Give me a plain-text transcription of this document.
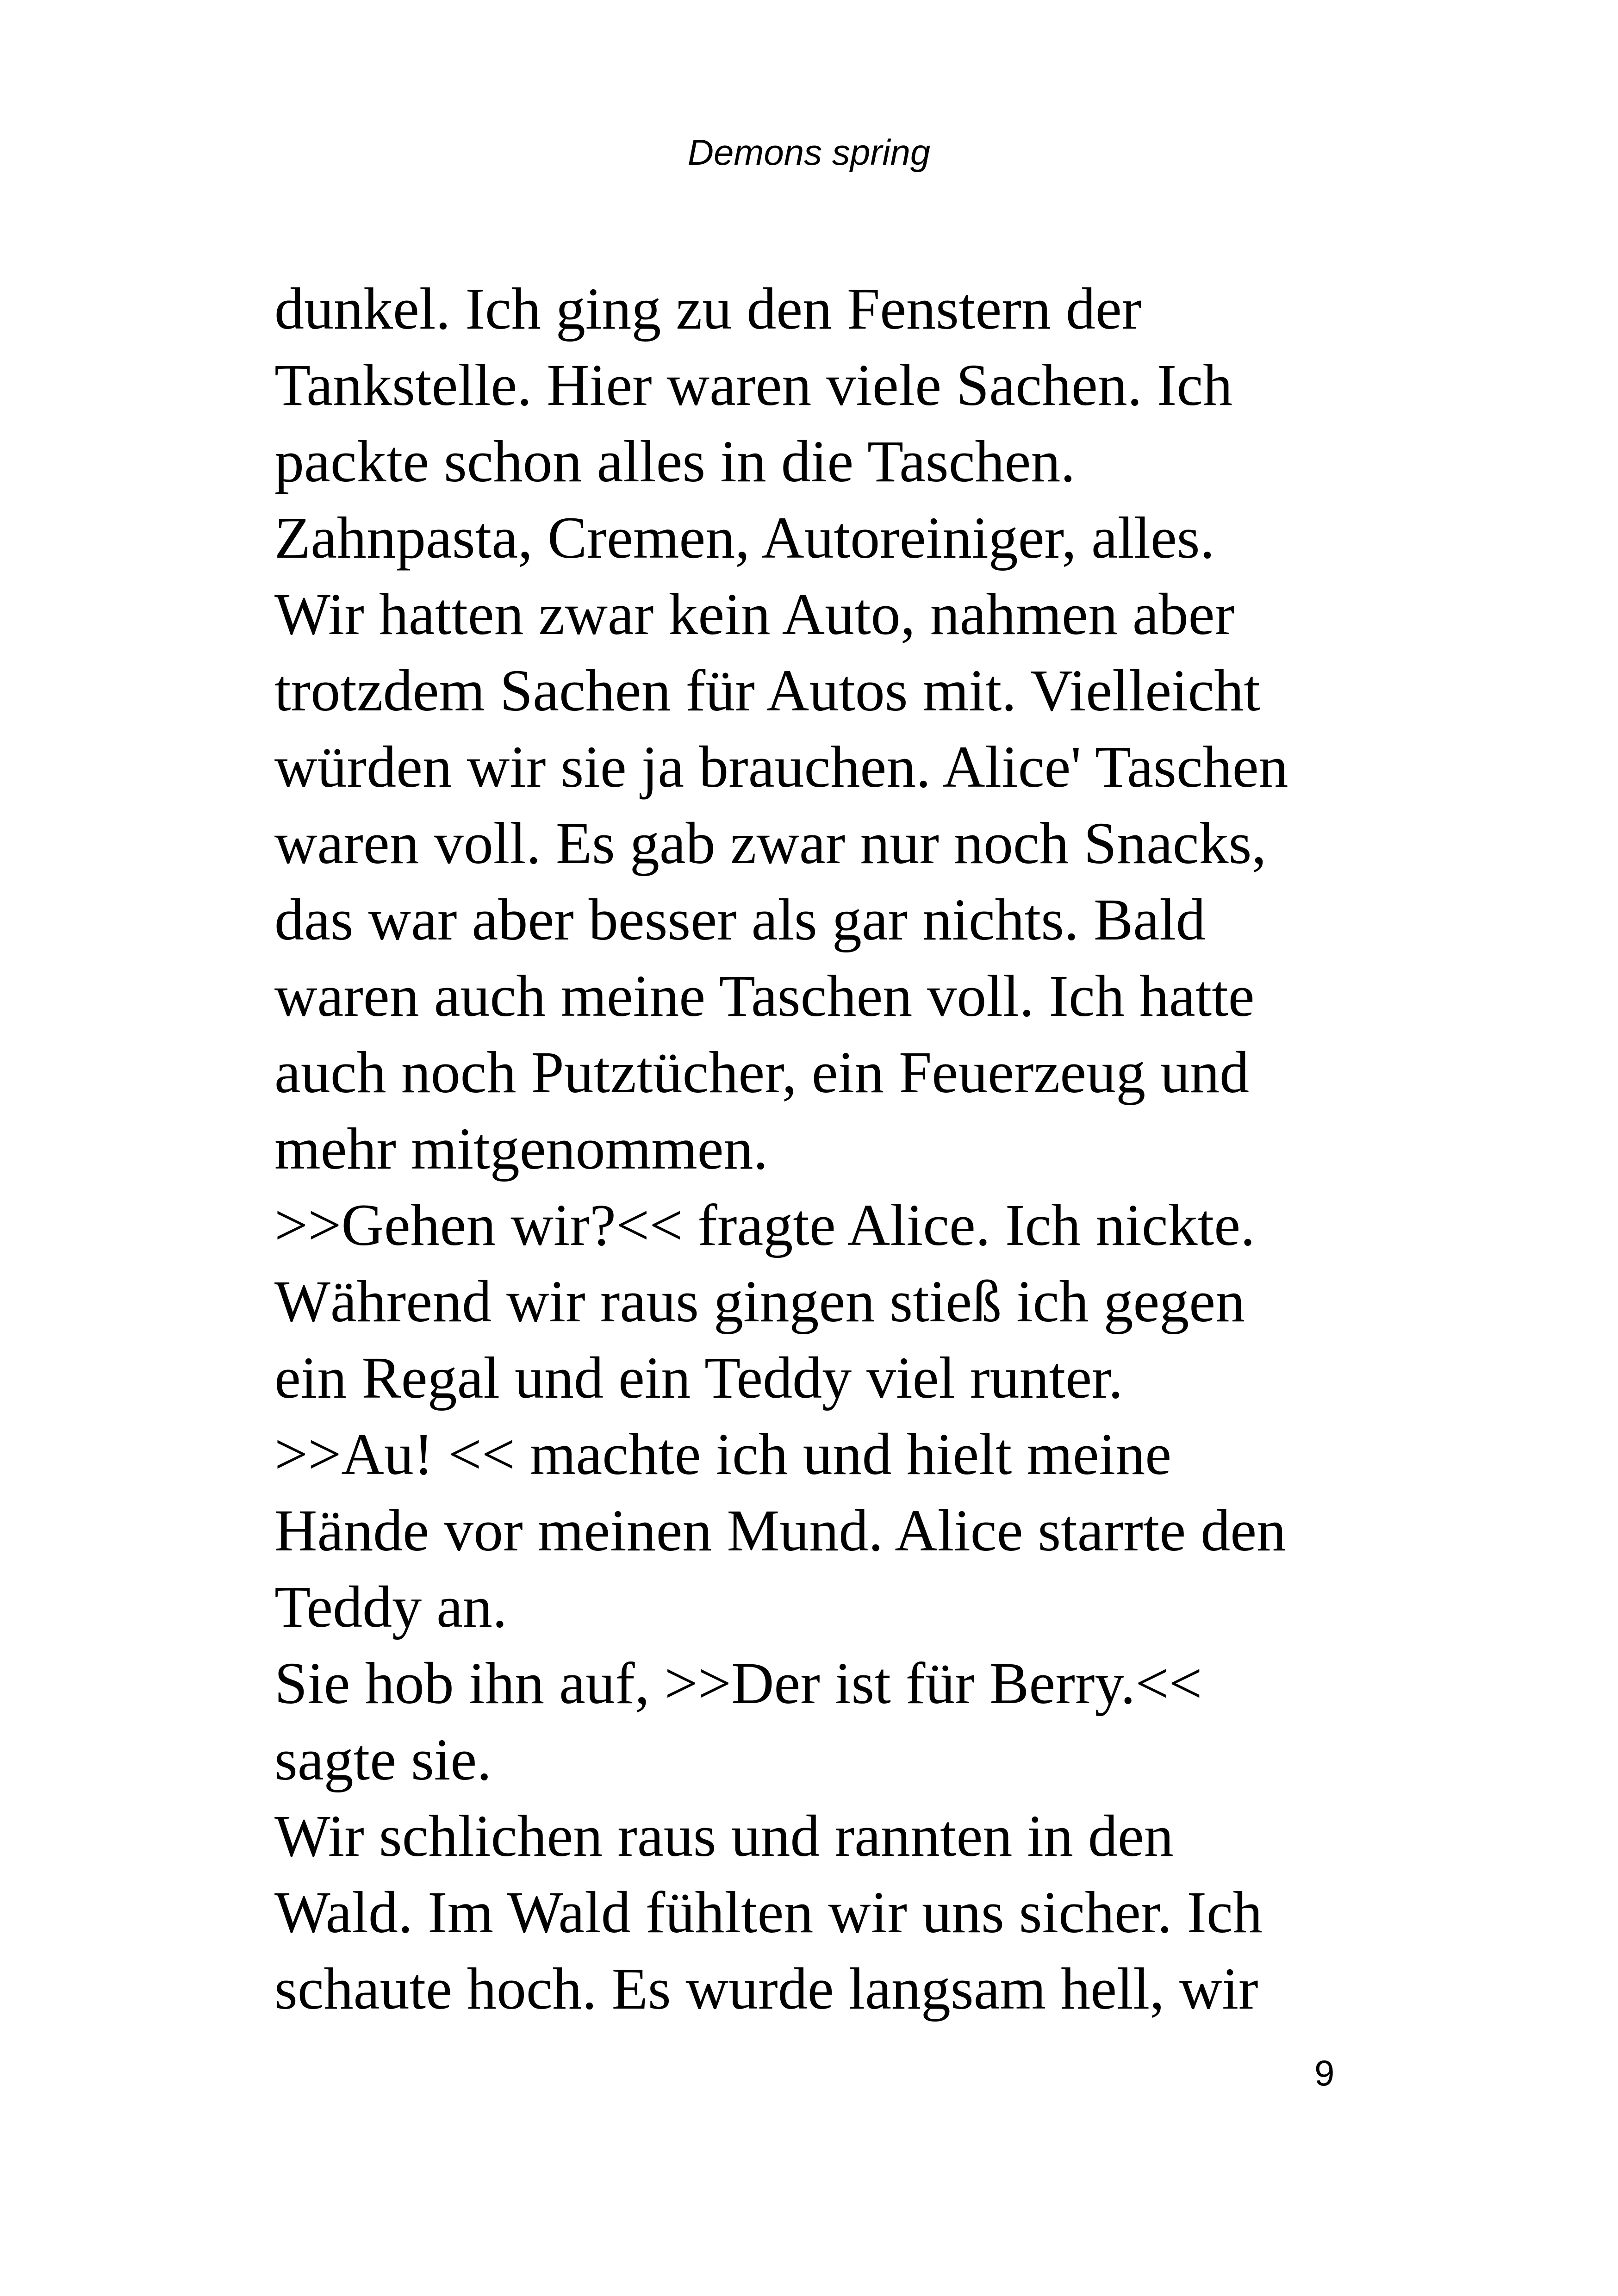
Demons spring
dunkel. Ich ging zu den Fenstern der
Tankstelle. Hier waren viele Sachen. Ich
packte schon alles in die Taschen.
Zahnpasta, Cremen, Autoreiniger, alles.
Wir hatten zwar kein Auto, nahmen aber
trotzdem Sachen für Autos mit. Vielleicht
würden wir sie ja brauchen. Alice' Taschen
waren voll. Es gab zwar nur noch Snacks,
das war aber besser als gar nichts. Bald
waren auch meine Taschen voll. Ich hatte
auch noch Putztücher, ein Feuerzeug und
mehr mitgenommen.
>>Gehen wir?<< fragte Alice. Ich nickte.
Während wir raus gingen stieß ich gegen
ein Regal und ein Teddy viel runter.
>>Au! << machte ich und hielt meine
Hände vor meinen Mund. Alice starrte den
Teddy an.
Sie hob ihn auf, >>Der ist für Berry.<<
sagte sie.
Wir schlichen raus und rannten in den
Wald. Im Wald fühlten wir uns sicher. Ich
schaute hoch. Es wurde langsam hell, wir
9
